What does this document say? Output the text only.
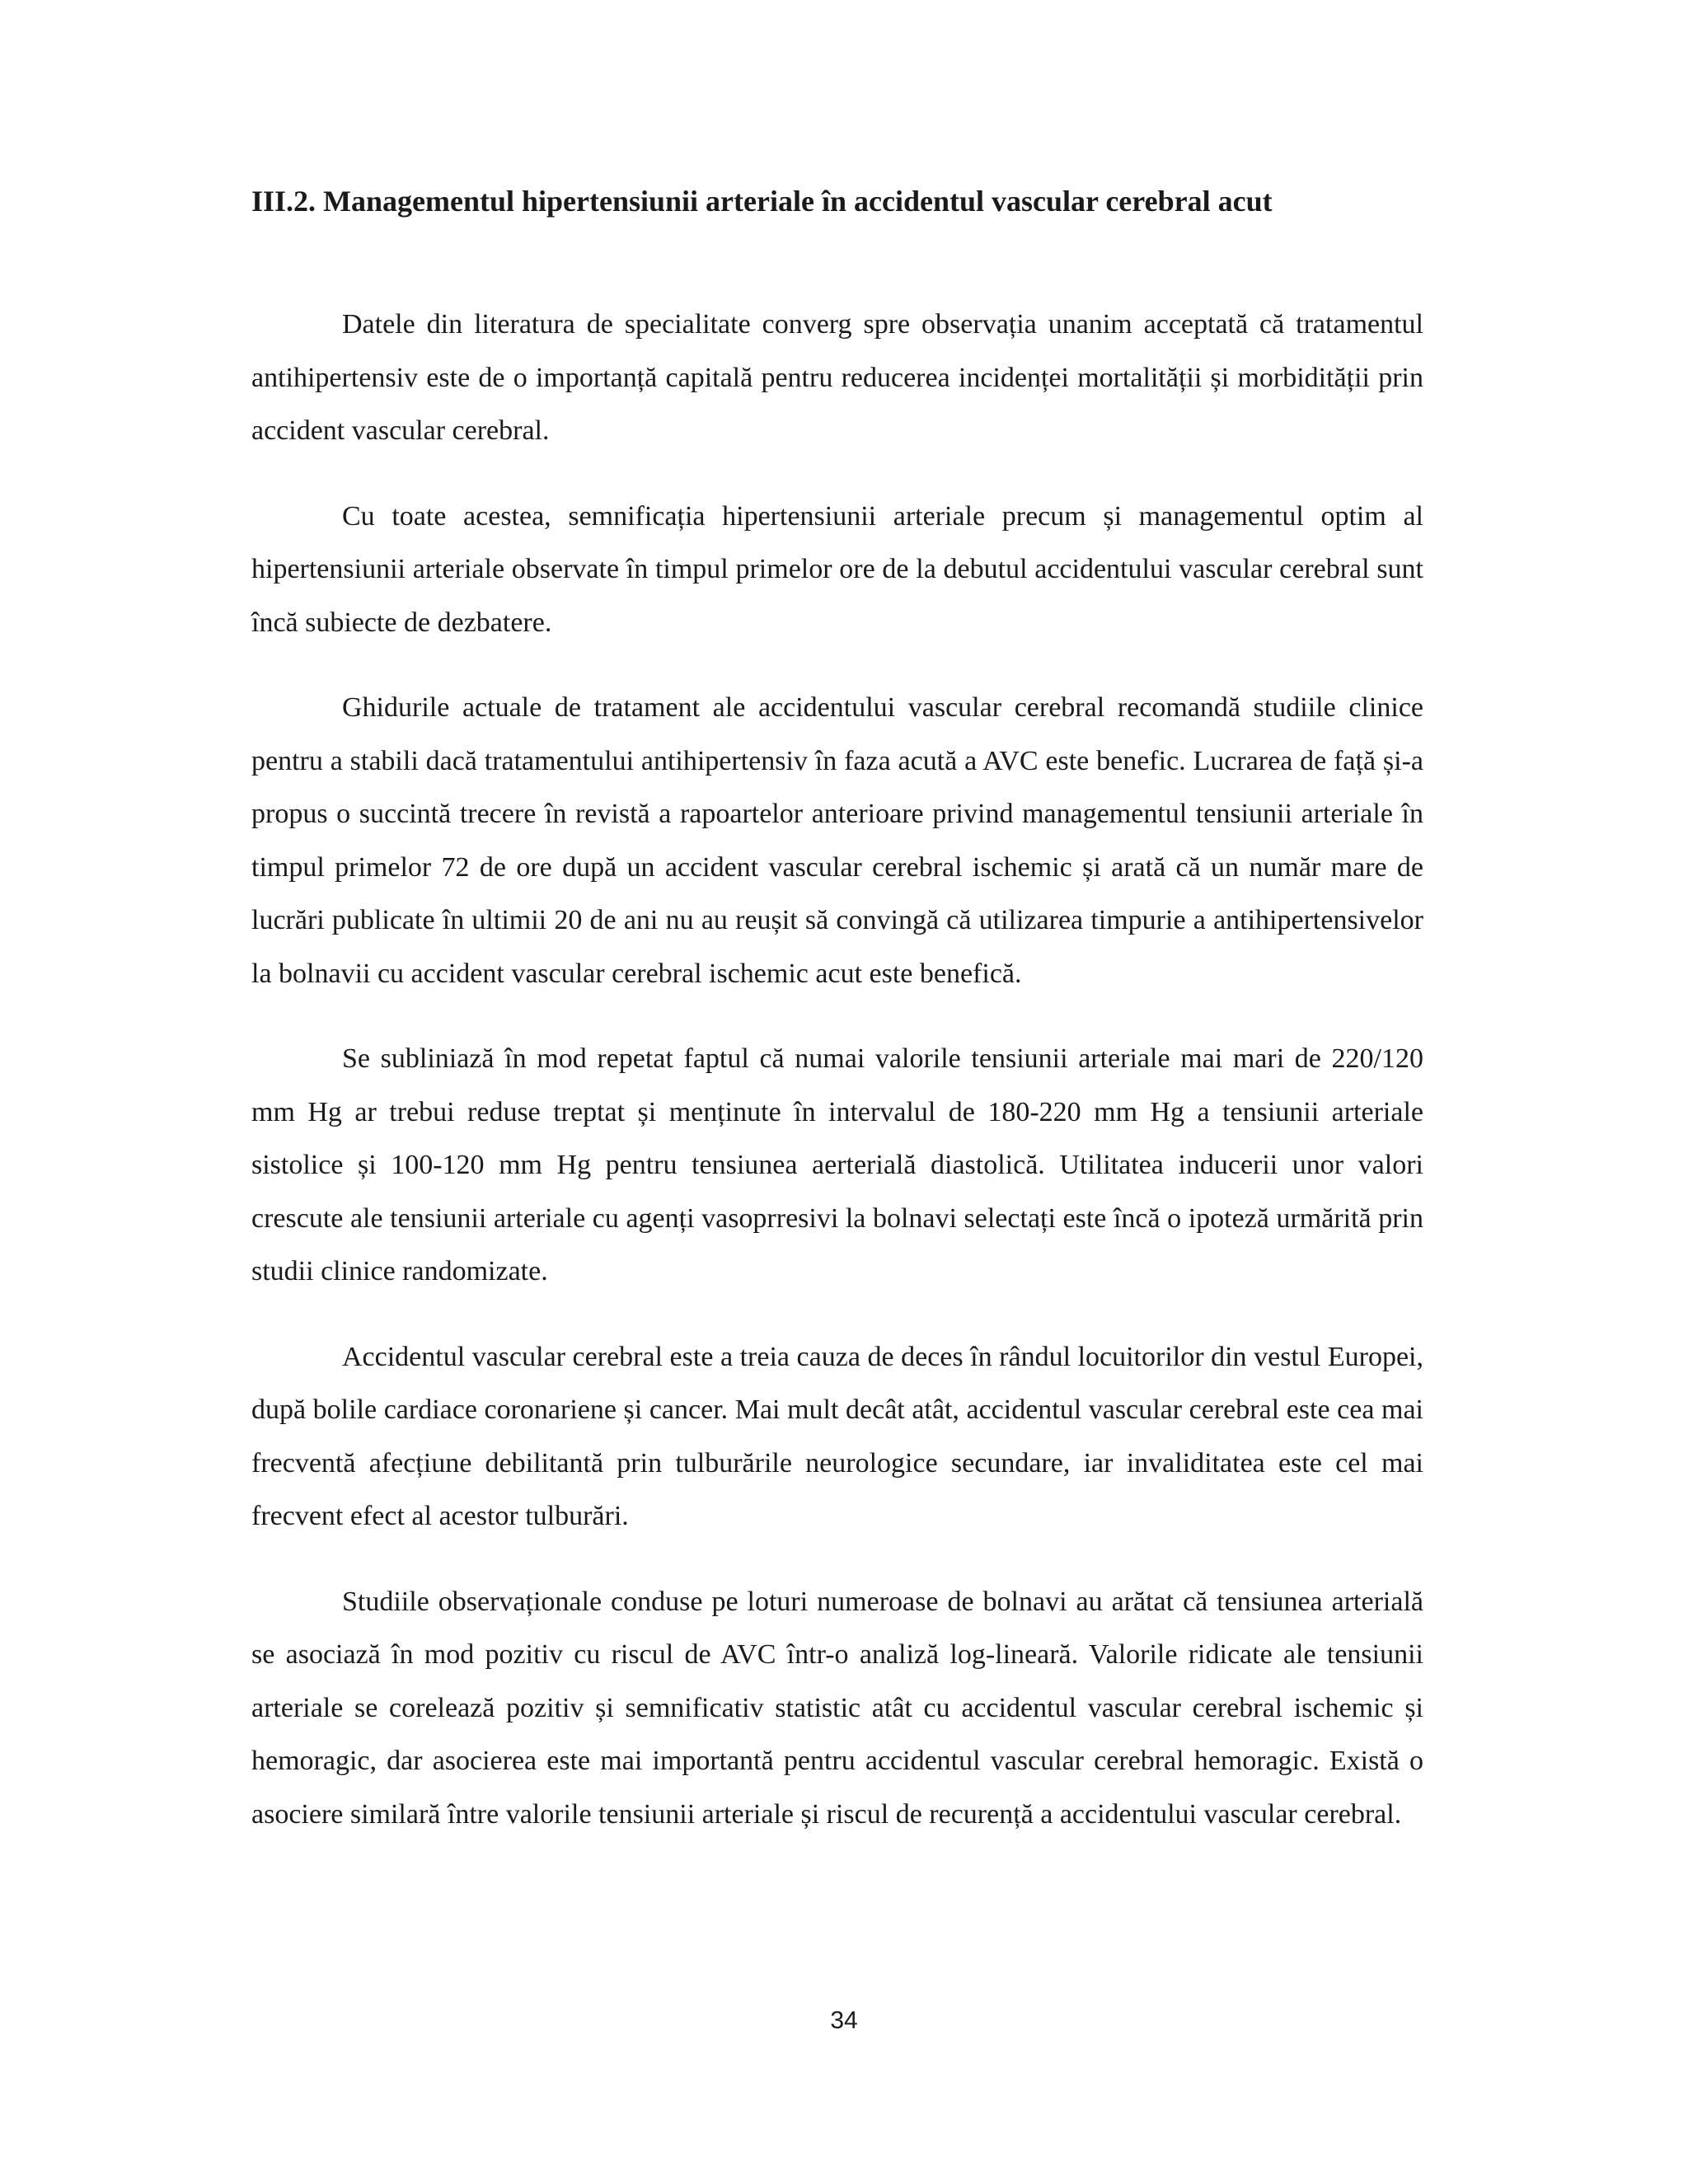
III.2. Managementul hipertensiunii arteriale în accidentul vascular cerebral acut

Datele din literatura de specialitate converg spre observația unanim acceptată că tratamentul antihipertensiv este de o importanță capitală pentru reducerea incidenței mortalității și morbidității prin accident vascular cerebral.

Cu toate acestea, semnificația hipertensiunii arteriale precum și managementul optim al hipertensiunii arteriale observate în timpul primelor ore de la debutul accidentului vascular cerebral sunt încă subiecte de dezbatere.

Ghidurile actuale de tratament ale accidentului vascular cerebral recomandă studiile clinice pentru a stabili dacă tratamentului antihipertensiv în faza acută a AVC este benefic. Lucrarea de față și-a propus o succintă trecere în revistă a rapoartelor anterioare privind managementul tensiunii arteriale în timpul primelor 72 de ore după un accident vascular cerebral ischemic și arată că un număr mare de lucrări publicate în ultimii 20 de ani nu au reușit să convingă că utilizarea timpurie a antihipertensivelor la bolnavii cu accident vascular cerebral ischemic acut este benefică.

Se subliniază în mod repetat faptul că numai valorile tensiunii arteriale mai mari de 220/120 mm Hg ar trebui reduse treptat și menținute în intervalul de 180-220 mm Hg a tensiunii arteriale sistolice și 100-120 mm Hg pentru tensiunea aerterială diastolică. Utilitatea inducerii unor valori crescute ale tensiunii arteriale cu agenți vasoprresivi la bolnavi selectați este încă o ipoteză urmărită prin studii clinice randomizate.

Accidentul vascular cerebral este a treia cauza de deces în rândul locuitorilor din vestul Europei, după bolile cardiace coronariene și cancer. Mai mult decât atât, accidentul vascular cerebral este cea mai frecventă afecțiune debilitantă prin tulburările neurologice secundare, iar invaliditatea este cel mai frecvent efect al acestor tulburări.

Studiile observaționale conduse pe loturi numeroase de bolnavi au arătat că tensiunea arterială se asociază în mod pozitiv cu riscul de AVC într-o analiză log-lineară. Valorile ridicate ale tensiunii arteriale se corelează pozitiv și semnificativ statistic atât cu accidentul vascular cerebral ischemic și hemoragic, dar asocierea este mai importantă pentru accidentul vascular cerebral hemoragic. Există o asociere similară între valorile tensiunii arteriale și riscul de recurență a accidentului vascular cerebral.

34
